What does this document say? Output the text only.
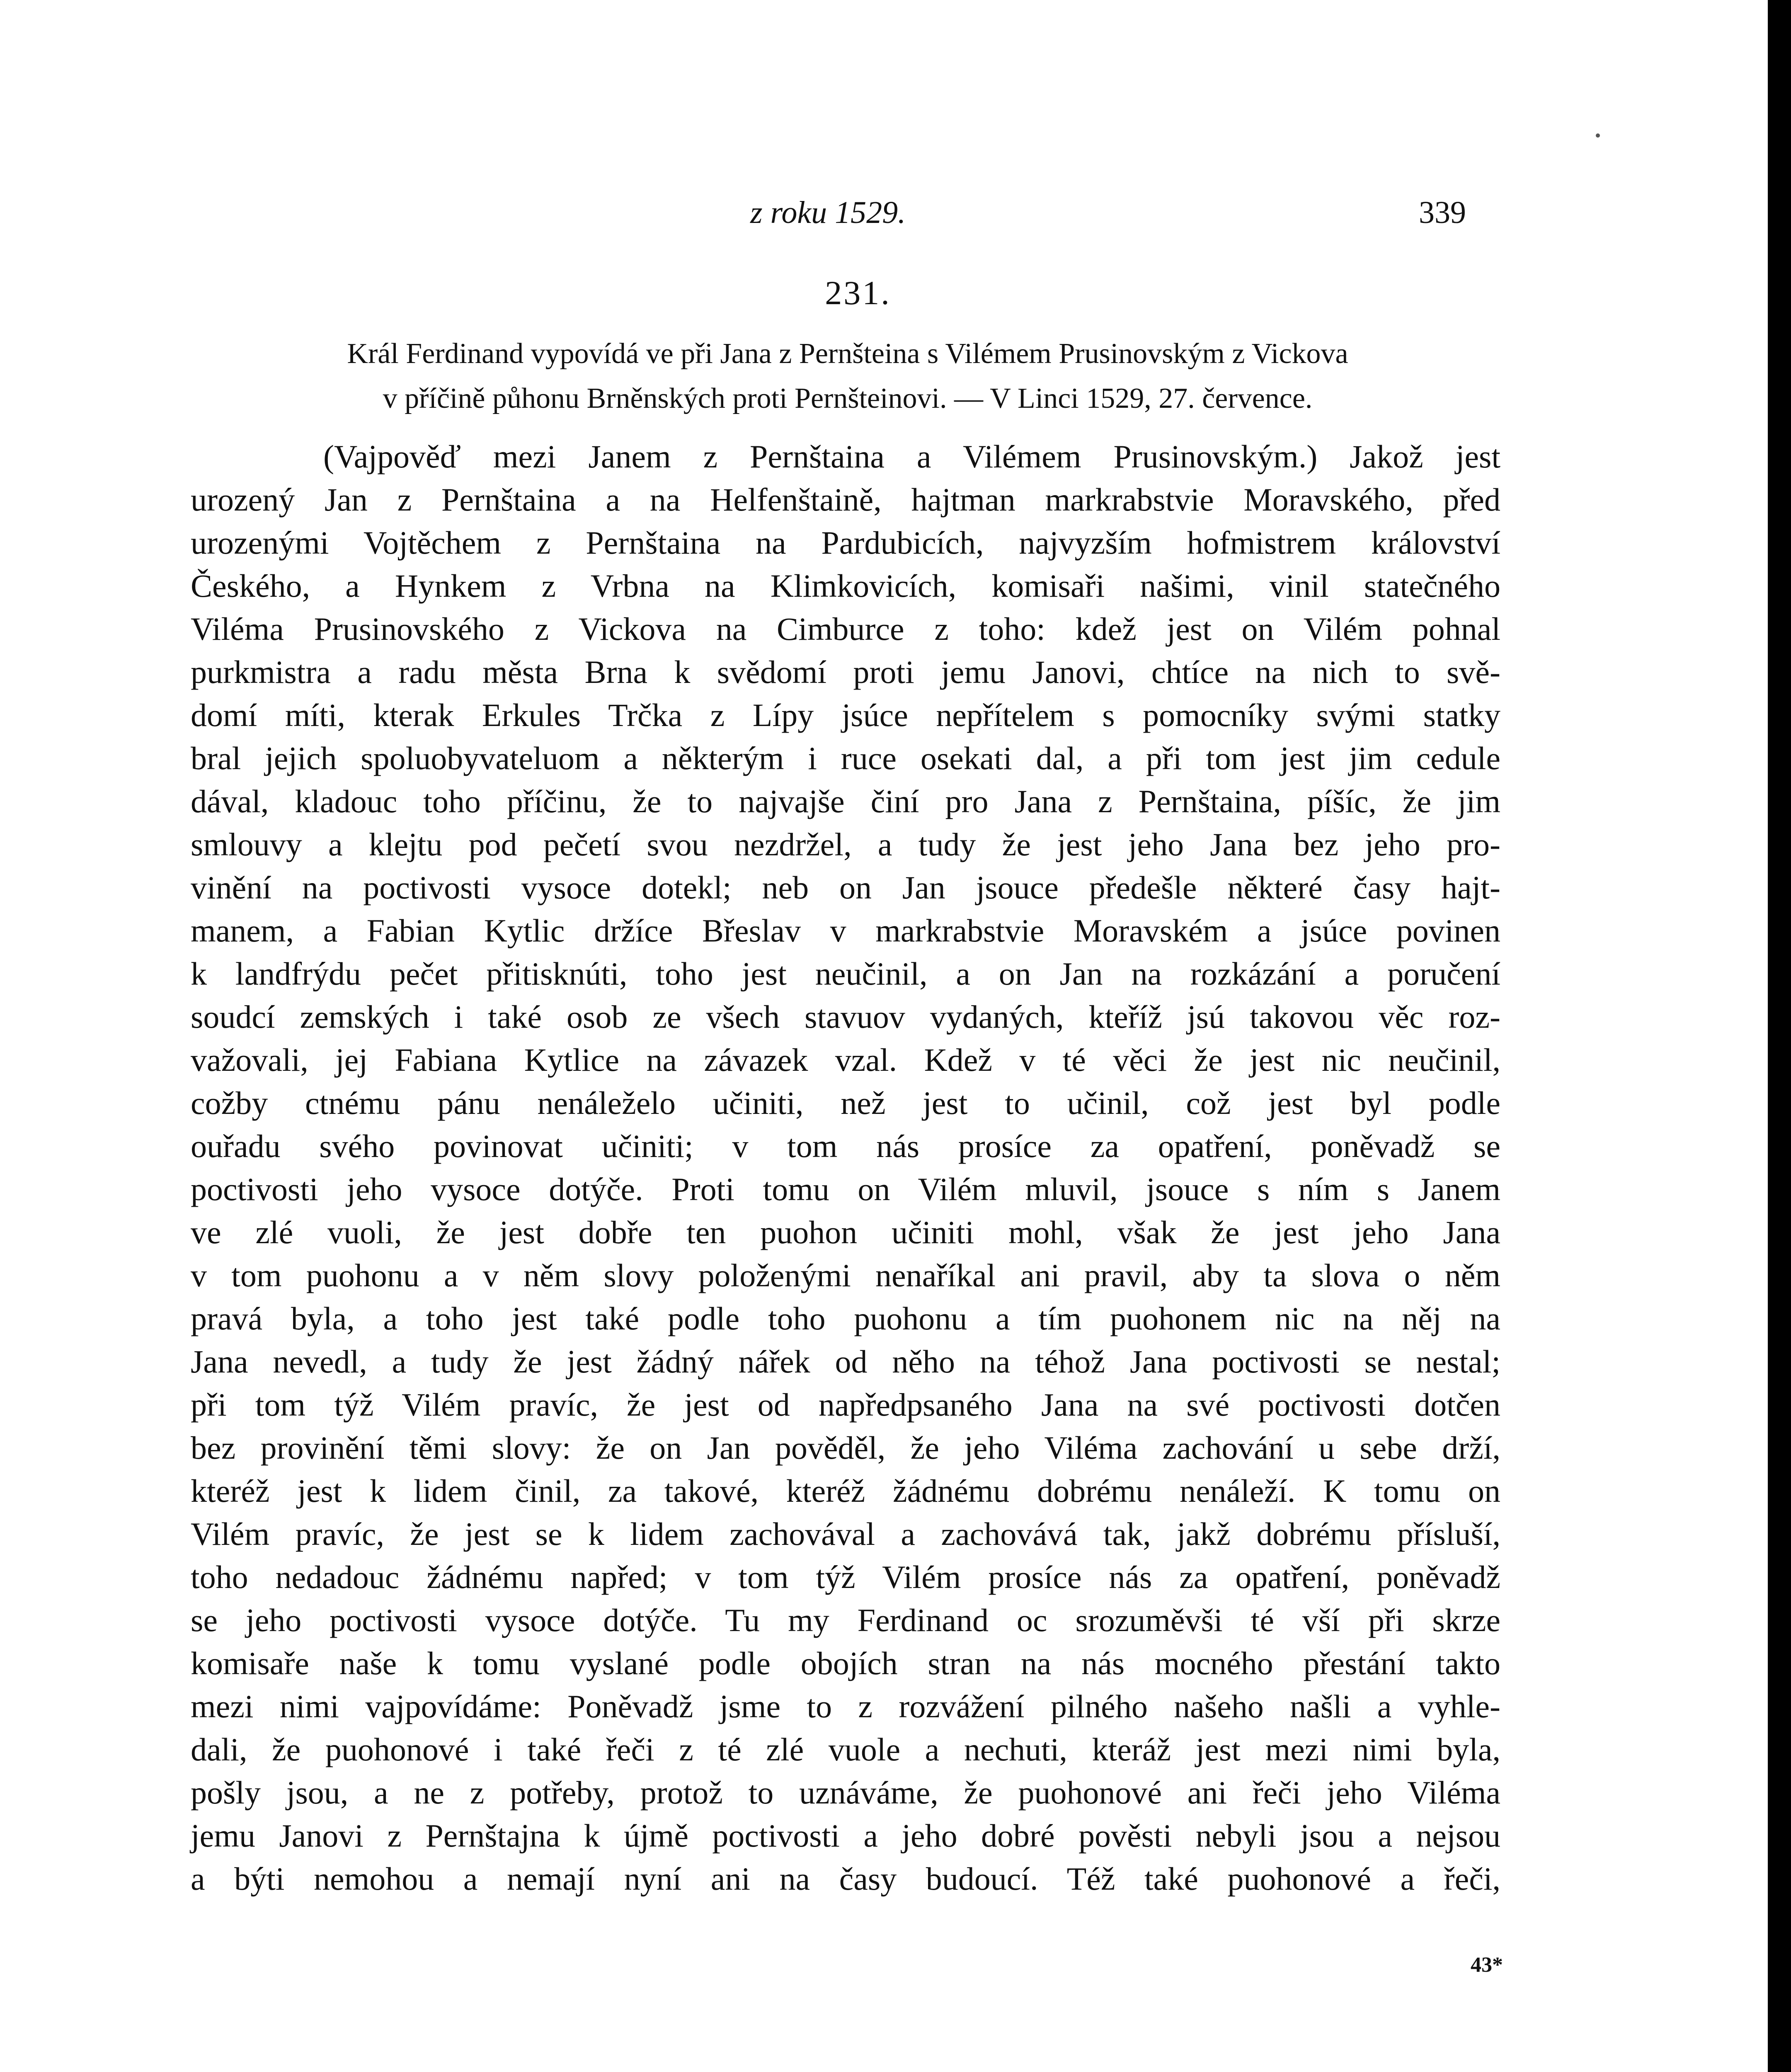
z roku 1529.	339
231.
Král Ferdinand vypovídá ve při Jana z Pernšteina s Vilémem Prusinovským z Vickova
v příčině půhonu Brněnských proti Pernšteinovi. — V Linci 1529, 27. července.
(Vajpověď mezi Janem z Pernštaina a Vilémem Prusinovským.) Jakož jest
urozený Jan z Pernštaina a na Helfenštaině, hajtman markrabstvie Moravského, před
urozenými Vojtěchem z Pernštaina na Pardubicích, najvyzším hofmistrem království
Českého, a Hynkem z Vrbna na Klimkovicích, komisaři našimi, vinil statečného
Viléma Prusinovského z Vickova na Cimburce z toho: kdež jest on Vilém pohnal
purkmistra a radu města Brna k svědomí proti jemu Janovi, chtíce na nich to svě-
domí míti, kterak Erkules Trčka z Lípy jsúce nepřítelem s pomocníky svými statky
bral jejich spoluobyvateluom a některým i ruce osekati dal, a při tom jest jim cedule
dával, kladouc toho příčinu, že to najvajše činí pro Jana z Pernštaina, píšíc, že jim
smlouvy a klejtu pod pečetí svou nezdržel, a tudy že jest jeho Jana bez jeho pro-
vinění na poctivosti vysoce dotekl; neb on Jan jsouce předešle některé časy hajt-
manem, a Fabian Kytlic držíce Břeslav v markrabstvie Moravském a jsúce povinen
k landfrýdu pečet přitisknúti, toho jest neučinil, a on Jan na rozkázání a poručení
soudcí zemských i také osob ze všech stavuov vydaných, kteříž jsú takovou věc roz-
važovali, jej Fabiana Kytlice na závazek vzal. Kdež v té věci že jest nic neučinil,
cožby ctnému pánu nenáleželo učiniti, než jest to učinil, což jest byl podle
ouřadu svého povinovat učiniti; v tom nás prosíce za opatření, poněvadž se
poctivosti jeho vysoce dotýče. Proti tomu on Vilém mluvil, jsouce s ním s Janem
ve zlé vuoli, že jest dobře ten puohon učiniti mohl, však že jest jeho Jana
v tom puohonu a v něm slovy položenými nenaříkal ani pravil, aby ta slova o něm
pravá byla, a toho jest také podle toho puohonu a tím puohonem nic na něj na
Jana nevedl, a tudy že jest žádný nářek od něho na téhož Jana poctivosti se nestal;
při tom týž Vilém pravíc, že jest od napředpsaného Jana na své poctivosti dotčen
bez provinění těmi slovy: že on Jan pověděl, že jeho Viléma zachování u sebe drží,
kteréž jest k lidem činil, za takové, kteréž žádnému dobrému nenáleží. K tomu on
Vilém pravíc, že jest se k lidem zachovával a zachovává tak, jakž dobrému přísluší,
toho nedadouc žádnému napřed; v tom týž Vilém prosíce nás za opatření, poněvadž
se jeho poctivosti vysoce dotýče. Tu my Ferdinand oc srozuměvši té vší při skrze
komisaře naše k tomu vyslané podle obojích stran na nás mocného přestání takto
mezi nimi vajpovídáme: Poněvadž jsme to z rozvážení pilného našeho našli a vyhle-
dali, že puohonové i také řeči z té zlé vuole a nechuti, kteráž jest mezi nimi byla,
pošly jsou, a ne z potřeby, protož to uznáváme, že puohonové ani řeči jeho Viléma
jemu Janovi z Pernštajna k újmě poctivosti a jeho dobré pověsti nebyli jsou a nejsou
a býti nemohou a nemají nyní ani na časy budoucí. Též také puohonové a řeči,
43*
